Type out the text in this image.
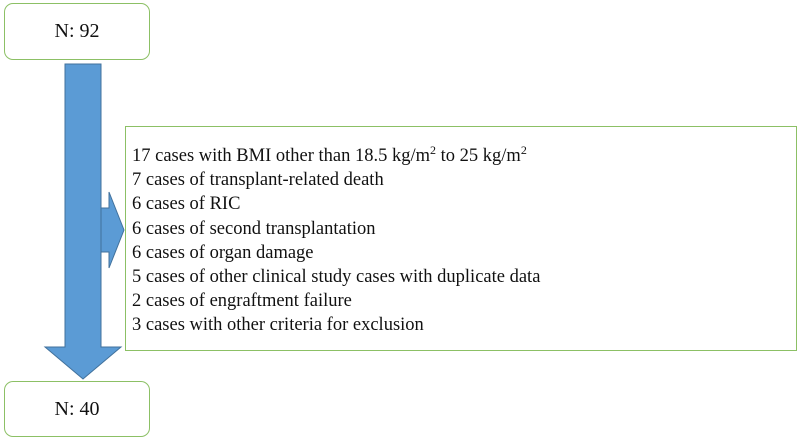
N: 92
17 cases with BMI other than 18.5 $kg/m^2$ to 25 $kg/m^2$
7 cases of transplant-related death
6 cases of RIC
6 cases of second transplantation
6 cases of organ damage
5 cases of other clinical study cases with duplicate data
2 cases of engraftment failure
3 cases with other criteria for exclusion
N: 40
